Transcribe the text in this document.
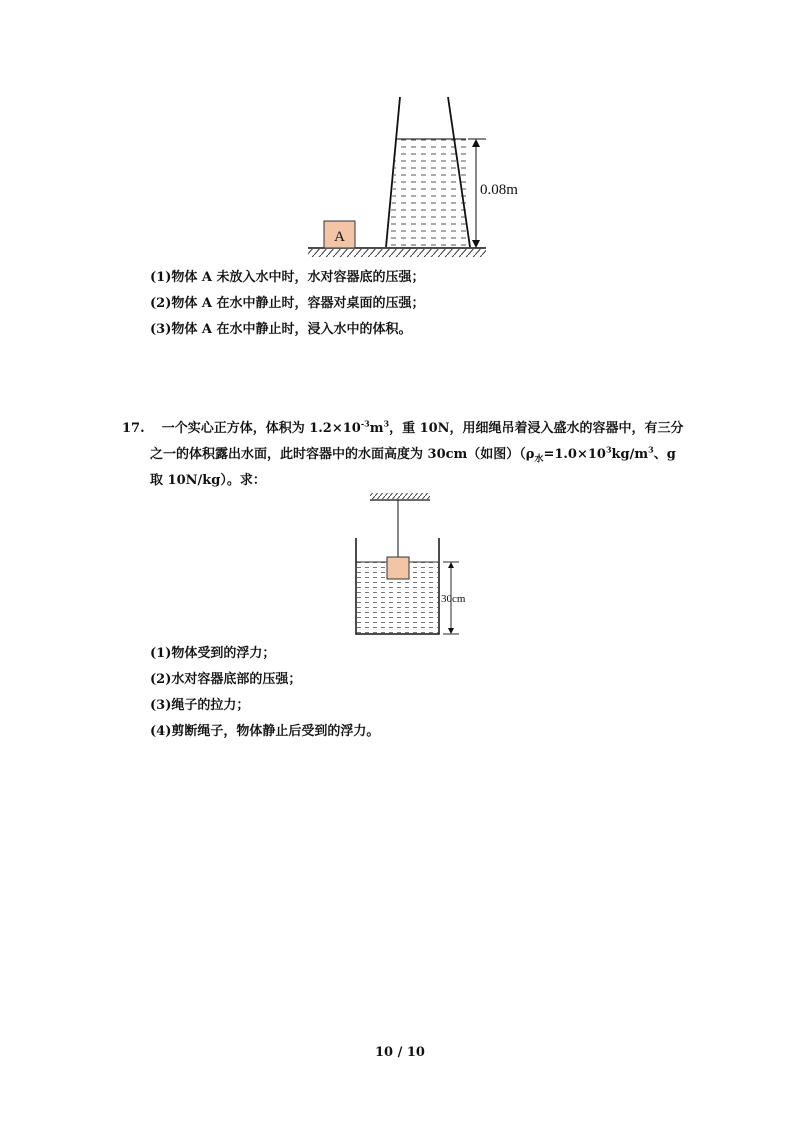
A
0.08m
(1)物体 A 未放入水中时，水对容器底的压强；
(2)物体 A 在水中静止时，容器对桌面的压强；
(3)物体 A 在水中静止时，浸入水中的体积。
17. 一个实心正方体，体积为 $1.2\times 10^{-3}m^3$，重 10N，用细绳吊着浸入盛水的容器中，有三分
之一的体积露出水面，此时容器中的水面高度为 30cm（如图）（$\rho_水=1.0\times 10^3kg/m^3$、g
取 10N/kg）。求：
30cm
(1)物体受到的浮力；
(2)水对容器底部的压强；
(3)绳子的拉力；
(4)剪断绳子，物体静止后受到的浮力。
10 / 10
